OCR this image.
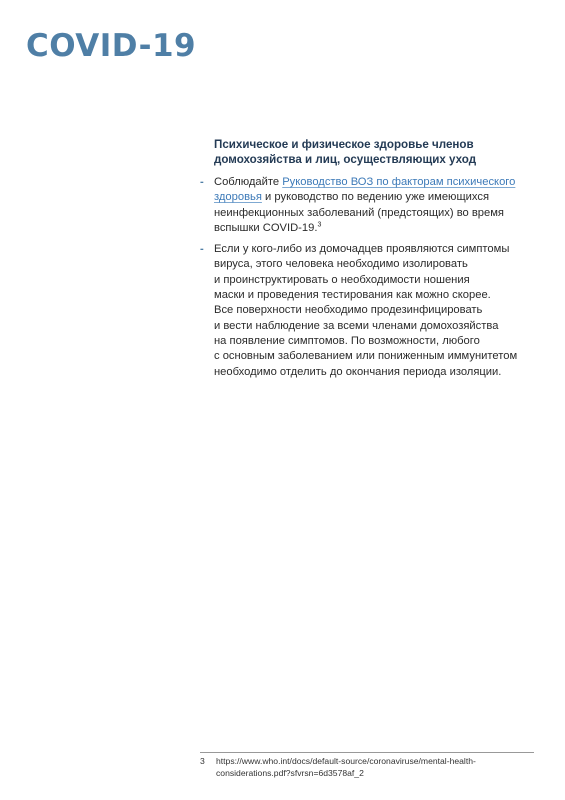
COVID-19
Психическое и физическое здоровье членов
домохозяйства и лиц, осуществляющих уход
- Соблюдайте Руководство ВОЗ по факторам психического
здоровья и руководство по ведению уже имеющихся
неинфекционных заболеваний (предстоящих) во время
вспышки COVID-19.$^3$
- Если у кого-либо из домочадцев проявляются симптомы
вируса, этого человека необходимо изолировать
и проинструктировать о необходимости ношения
маски и проведения тестирования как можно скорее.
Все поверхности необходимо продезинфицировать
и вести наблюдение за всеми членами домохозяйства
на появление симптомов. По возможности, любого
с основным заболеванием или пониженным иммунитетом
необходимо отделить до окончания периода изоляции.
3 https://www.who.int/docs/default-source/coronaviruse/mental-health-
considerations.pdf?sfvrsn=6d3578af_2
